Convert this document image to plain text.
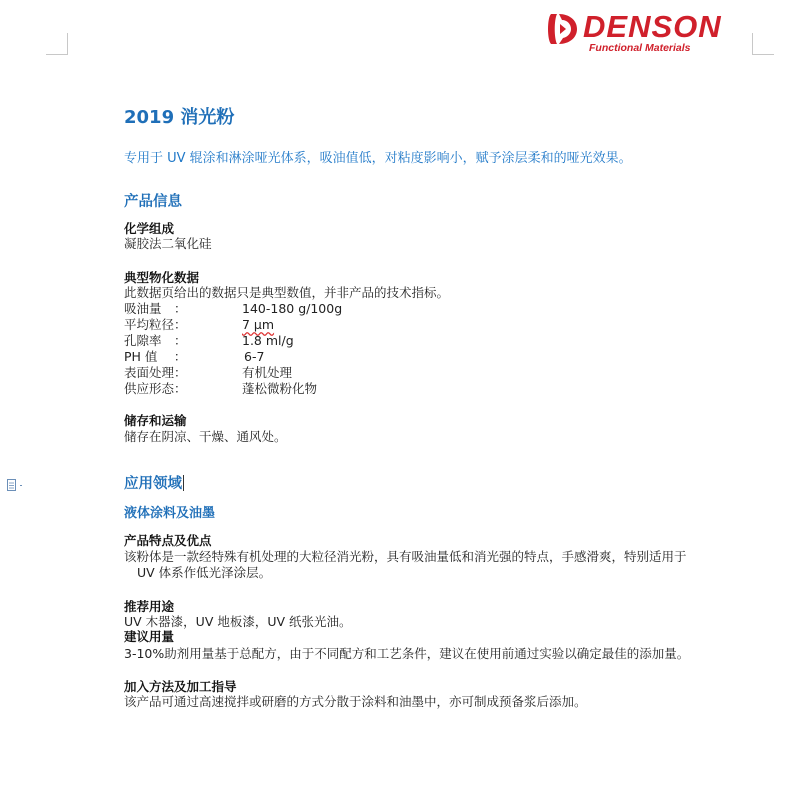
DENSON
Functional Materials
2019 消光粉
专用于 UV 辊涂和淋涂哑光体系，吸油值低，对粘度影响小，赋予涂层柔和的哑光效果。
产品信息
化学组成
凝胶法二氧化硅
典型物化数据
此数据页给出的数据只是典型数值，并非产品的技术指标。
吸油量　：	140-180 g/100g
平均粒径：	7 μm
孔隙率　：	1.8 ml/g
PH 值　 ：	6-7
表面处理：	有机处理
供应形态：	蓬松微粉化物
储存和运输
储存在阴凉、干燥、通风处。
应用领域
液体涂料及油墨
产品特点及优点
该粉体是一款经特殊有机处理的大粒径消光粉，具有吸油量低和消光强的特点，手感滑爽，特别适用于
UV 体系作低光泽涂层。
推荐用途
UV 木器漆，UV 地板漆，UV 纸张光油。
建议用量
3-10%助剂用量基于总配方，由于不同配方和工艺条件，建议在使用前通过实验以确定最佳的添加量。
加入方法及加工指导
该产品可通过高速搅拌或研磨的方式分散于涂料和油墨中，亦可制成预备浆后添加。
